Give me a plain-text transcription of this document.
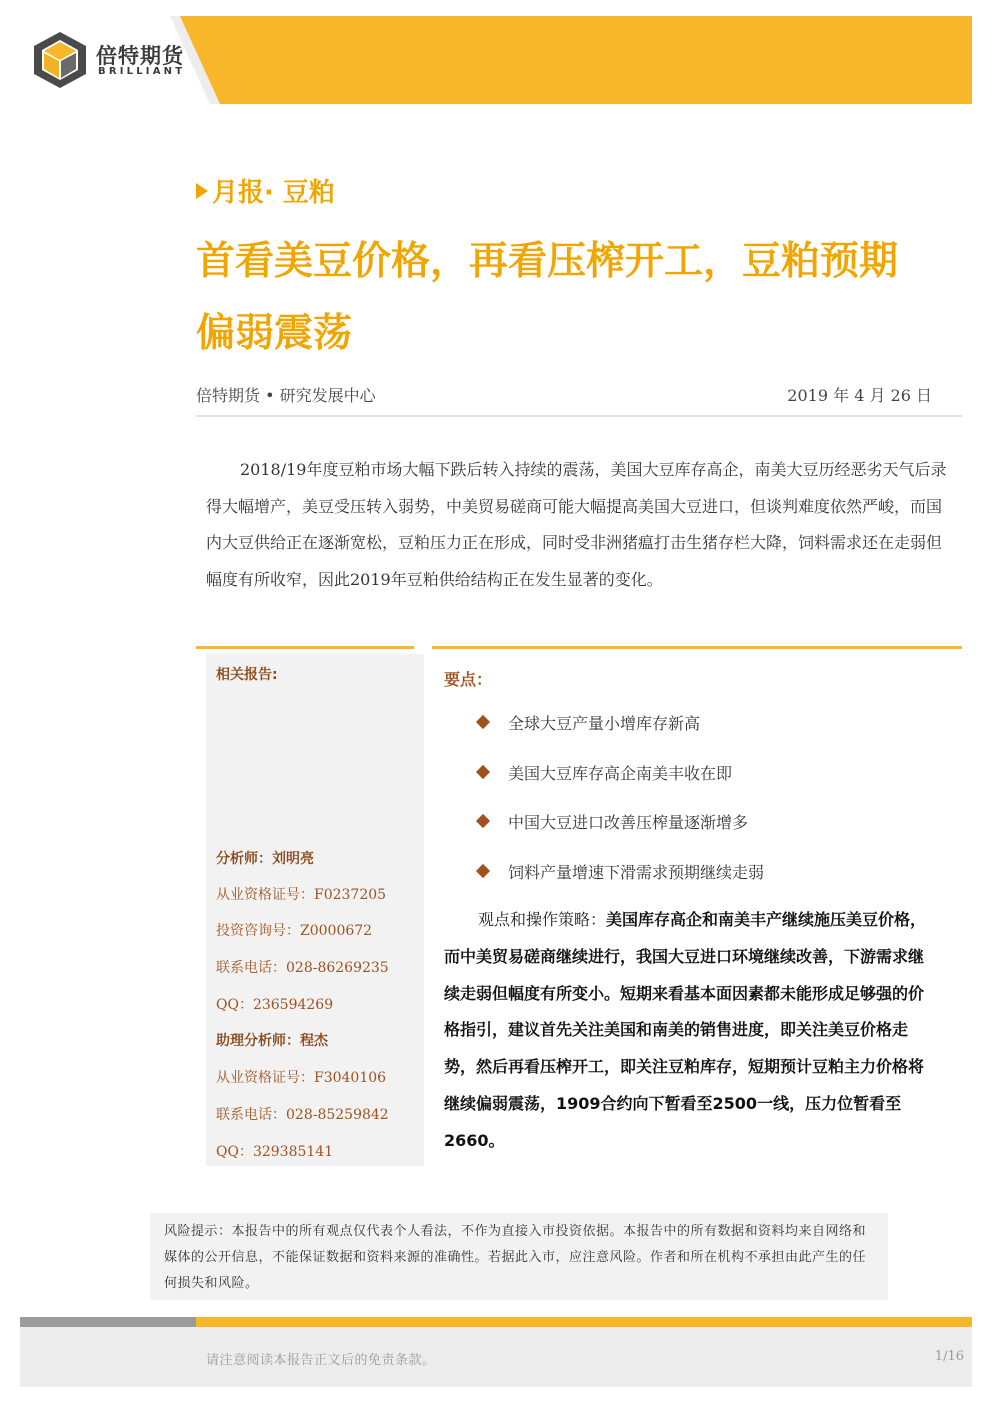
倍特期货
BRILLIANT
月报· 豆粕
首看美豆价格，再看压榨开工，豆粕预期
偏弱震荡
倍特期货 • 研究发展中心	2019 年 4 月 26 日

2018/19年度豆粕市场大幅下跌后转入持续的震荡，美国大豆库存高企，南美大豆历经恶劣天气后录得大幅增产，美豆受压转入弱势，中美贸易磋商可能大幅提高美国大豆进口，但谈判难度依然严峻，而国内大豆供给正在逐渐宽松，豆粕压力正在形成，同时受非洲猪瘟打击生猪存栏大降，饲料需求还在走弱但幅度有所收窄，因此2019年豆粕供给结构正在发生显著的变化。

相关报告:
分析师：刘明亮
从业资格证号：F0237205
投资咨询号：Z0000672
联系电话：028-86269235
QQ：236594269
助理分析师：程杰
从业资格证号：F3040106
联系电话：028-85259842
QQ：329385141
要点：
全球大豆产量小增库存新高
美国大豆库存高企南美丰收在即
中国大豆进口改善压榨量逐渐增多
饲料产量增速下滑需求预期继续走弱

观点和操作策略：美国库存高企和南美丰产继续施压美豆价格，而中美贸易磋商继续进行，我国大豆进口环境继续改善，下游需求继续走弱但幅度有所变小。短期来看基本面因素都未能形成足够强的价格指引，建议首先关注美国和南美的销售进度，即关注美豆价格走势，然后再看压榨开工，即关注豆粕库存，短期预计豆粕主力价格将继续偏弱震荡，1909合约向下暂看至2500一线，压力位暂看至2660。

风险提示：本报告中的所有观点仅代表个人看法，不作为直接入市投资依据。本报告中的所有数据和资料均来自网络和媒体的公开信息，不能保证数据和资料来源的准确性。若据此入市，应注意风险。作者和所在机构不承担由此产生的任何损失和风险。

请注意阅读本报告正文后的免责条款。	1/16
